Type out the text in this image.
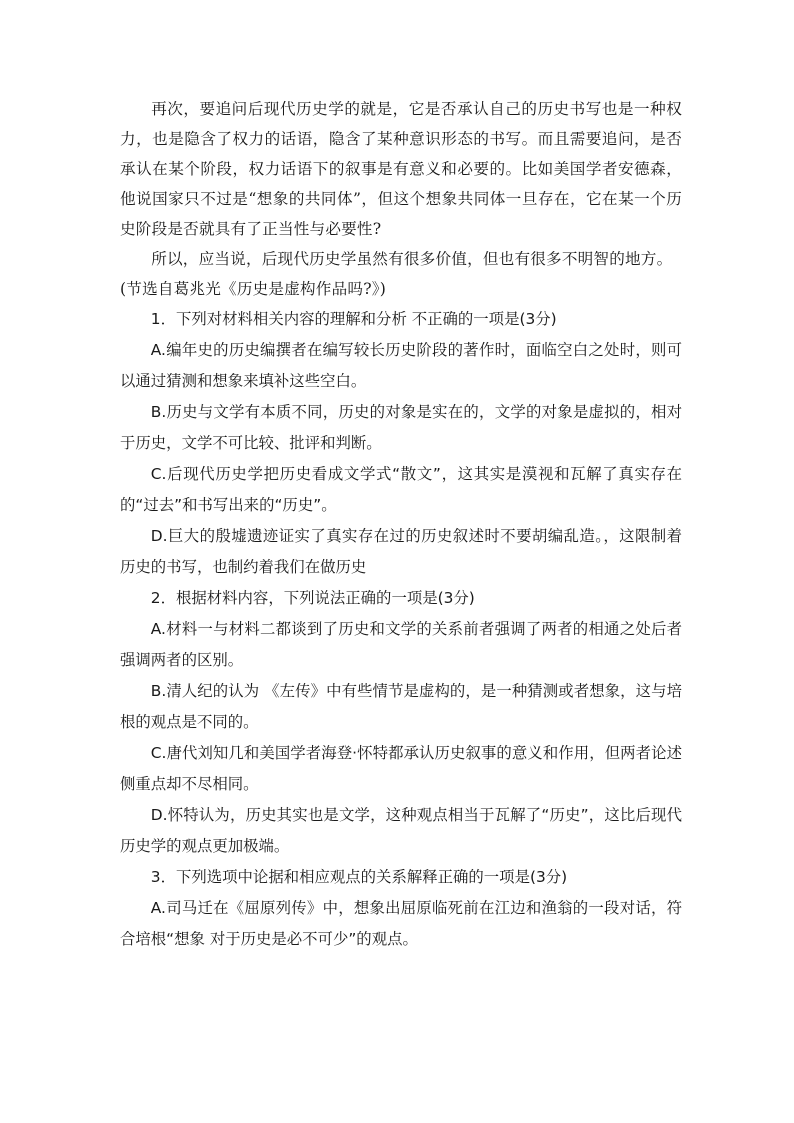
再次，要追问后现代历史学的就是，它是否承认自己的历史书写也是一种权力，也是隐含了权力的话语，隐含了某种意识形态的书写。而且需要追问，是否承认在某个阶段，权力话语下的叙事是有意义和必要的。比如美国学者安德森，他说国家只不过是“想象的共同体”，但这个想象共同体一旦存在，它在某一个历史阶段是否就具有了正当性与必要性?

所以，应当说，后现代历史学虽然有很多价值，但也有很多不明智的地方。

(节选自葛兆光《历史是虚构作品吗?》)

1．下列对材料相关内容的理解和分析 不正确的一项是(3分)

A.编年史的历史编撰者在编写较长历史阶段的著作时，面临空白之处时，则可以通过猜测和想象来填补这些空白。

B.历史与文学有本质不同，历史的对象是实在的，文学的对象是虚拟的，相对于历史，文学不可比较、批评和判断。

C.后现代历史学把历史看成文学式“散文”，这其实是漠视和瓦解了真实存在的“过去”和书写出来的“历史”。

D.巨大的殷墟遗迹证实了真实存在过的历史叙述时不要胡编乱造。，这限制着历史的书写，也制约着我们在做历史

2．根据材料内容，下列说法正确的一项是(3分)

A.材料一与材料二都谈到了历史和文学的关系前者强调了两者的相通之处后者强调两者的区别。

B.清人纪的认为 《左传》中有些情节是虚构的，是一种猜测或者想象，这与培根的观点是不同的。

C.唐代刘知几和美国学者海登·怀特都承认历史叙事的意义和作用，但两者论述侧重点却不尽相同。

D.怀特认为，历史其实也是文学，这种观点相当于瓦解了“历史”，这比后现代历史学的观点更加极端。

3．下列选项中论据和相应观点的关系解释正确的一项是(3分)

A.司马迁在《屈原列传》中，想象出屈原临死前在江边和渔翁的一段对话，符合培根“想象 对于历史是必不可少”的观点。
